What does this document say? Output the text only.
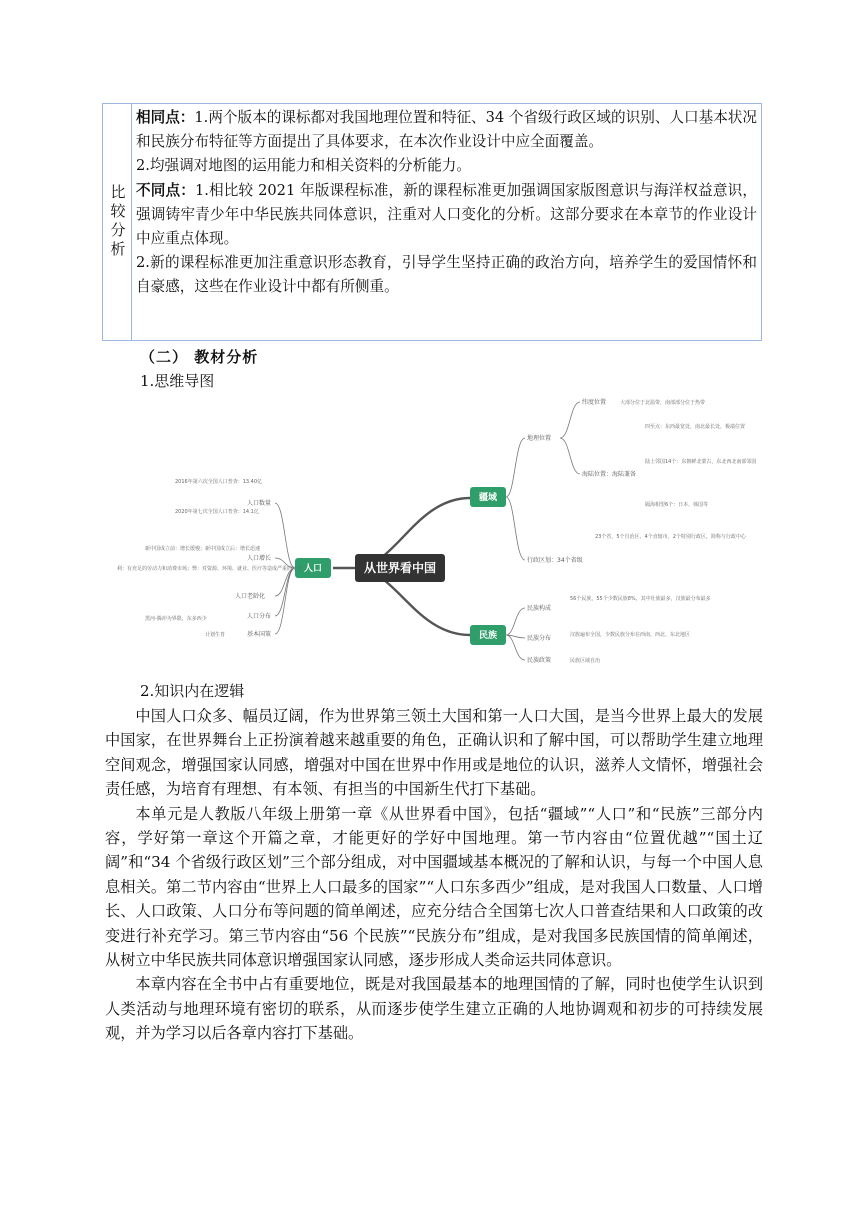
比较分析

相同点：1.两个版本的课标都对我国地理位置和特征、34 个省级行政区域的识别、人口基本状况和民族分布特征等方面提出了具体要求，在本次作业设计中应全面覆盖。

2.均强调对地图的运用能力和相关资料的分析能力。

不同点：1.相比较 2021 年版课程标准，新的课程标准更加强调国家版图意识与海洋权益意识，强调铸牢青少年中华民族共同体意识，注重对人口变化的分析。这部分要求在本章节的作业设计中应重点体现。

2.新的课程标准更加注重意识形态教育，引导学生坚持正确的政治方向，培养学生的爱国情怀和自豪感，这些在作业设计中都有所侧重。

（二） 教材分析
1.思维导图
从世界看中国
人口
人口数量
人口增长
人口老龄化
人口分布
基本国策
2016年第六次全国人口普查：13.40亿
2020年第七次全国人口普查：14.1亿
新中国成立前：增长缓慢；新中国成立后：增长迅速
利：有充足的劳动力和消费市场；弊：对资源、环境、就业、医疗等造成严重的压力
黑河-腾冲为界限，东多西少
计划生育
疆域
地理位置
行政区划：34个省级
纬度位置
海陆位置：海陆兼备
大部分位于北温带，南部部分位于热带
四至点：东西最宽处，南北最长处，极端位置
陆上邻国14个：东朝鲜北蒙古，东北西北南部邻国
隔海相望6个：日本、韩国等
23个省，5个自治区，4个直辖市，2个特别行政区，简称与行政中心
民族
民族构成
民族分布
民族政策
56个民族，55个少数民族8%，其中壮族最多，汉族最分布最多
汉族遍布全国，少数民族分布在西南、西北、东北地区
民族区域自治
2.知识内在逻辑

中国人口众多、幅员辽阔，作为世界第三领土大国和第一人口大国，是当今世界上最大的发展中国家，在世界舞台上正扮演着越来越重要的角色，正确认识和了解中国，可以帮助学生建立地理空间观念，增强国家认同感，增强对中国在世界中作用或是地位的认识，滋养人文情怀，增强社会责任感，为培育有理想、有本领、有担当的中国新生代打下基础。

本单元是人教版八年级上册第一章《从世界看中国》，包括“疆域”“人口”和“民族”三部分内容，学好第一章这个开篇之章，才能更好的学好中国地理。第一节内容由“位置优越”“国土辽阔”和“34 个省级行政区划”三个部分组成，对中国疆域基本概况的了解和认识，与每一个中国人息息相关。第二节内容由“世界上人口最多的国家”“人口东多西少”组成，是对我国人口数量、人口增长、人口政策、人口分布等问题的简单阐述，应充分结合全国第七次人口普查结果和人口政策的改变进行补充学习。第三节内容由“56 个民族”“民族分布”组成，是对我国多民族国情的简单阐述，从树立中华民族共同体意识增强国家认同感，逐步形成人类命运共同体意识。

本章内容在全书中占有重要地位，既是对我国最基本的地理国情的了解，同时也使学生认识到人类活动与地理环境有密切的联系，从而逐步使学生建立正确的人地协调观和初步的可持续发展观，并为学习以后各章内容打下基础。
